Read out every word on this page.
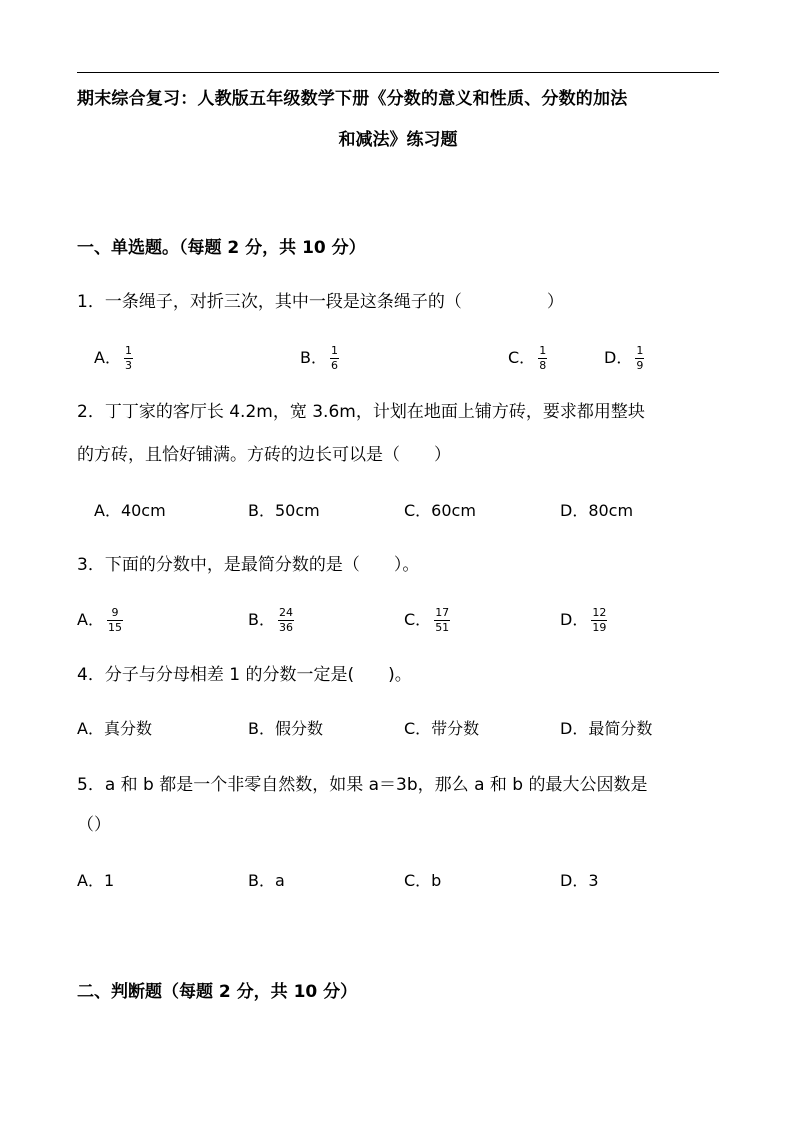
期末综合复习：人教版五年级数学下册《分数的意义和性质、分数的加法
和减法》练习题
一、单选题。（每题 2 分，共 10 分）
1．一条绳子，对折三次，其中一段是这条绳子的（　　　　　）
A． $\frac{1}{3}$	B． $\frac{1}{6}$	C． $\frac{1}{8}$	D． $\frac{1}{9}$
2．丁丁家的客厅长 4.2m，宽 3.6m，计划在地面上铺方砖，要求都用整块
的方砖，且恰好铺满。方砖的边长可以是（　　）
A．40cm	B．50cm	C．60cm	D．80cm
3．下面的分数中，是最简分数的是（　　）。
A． $\frac{9}{15}$	B． $\frac{24}{36}$	C． $\frac{17}{51}$	D． $\frac{12}{19}$
4．分子与分母相差 1 的分数一定是(　　)。
A．真分数	B．假分数	C．带分数	D．最简分数
5．a 和 b 都是一个非零自然数，如果 a＝3b，那么 a 和 b 的最大公因数是
（）
A．1	B．a	C．b	D．3
二、判断题（每题 2 分，共 10 分）
